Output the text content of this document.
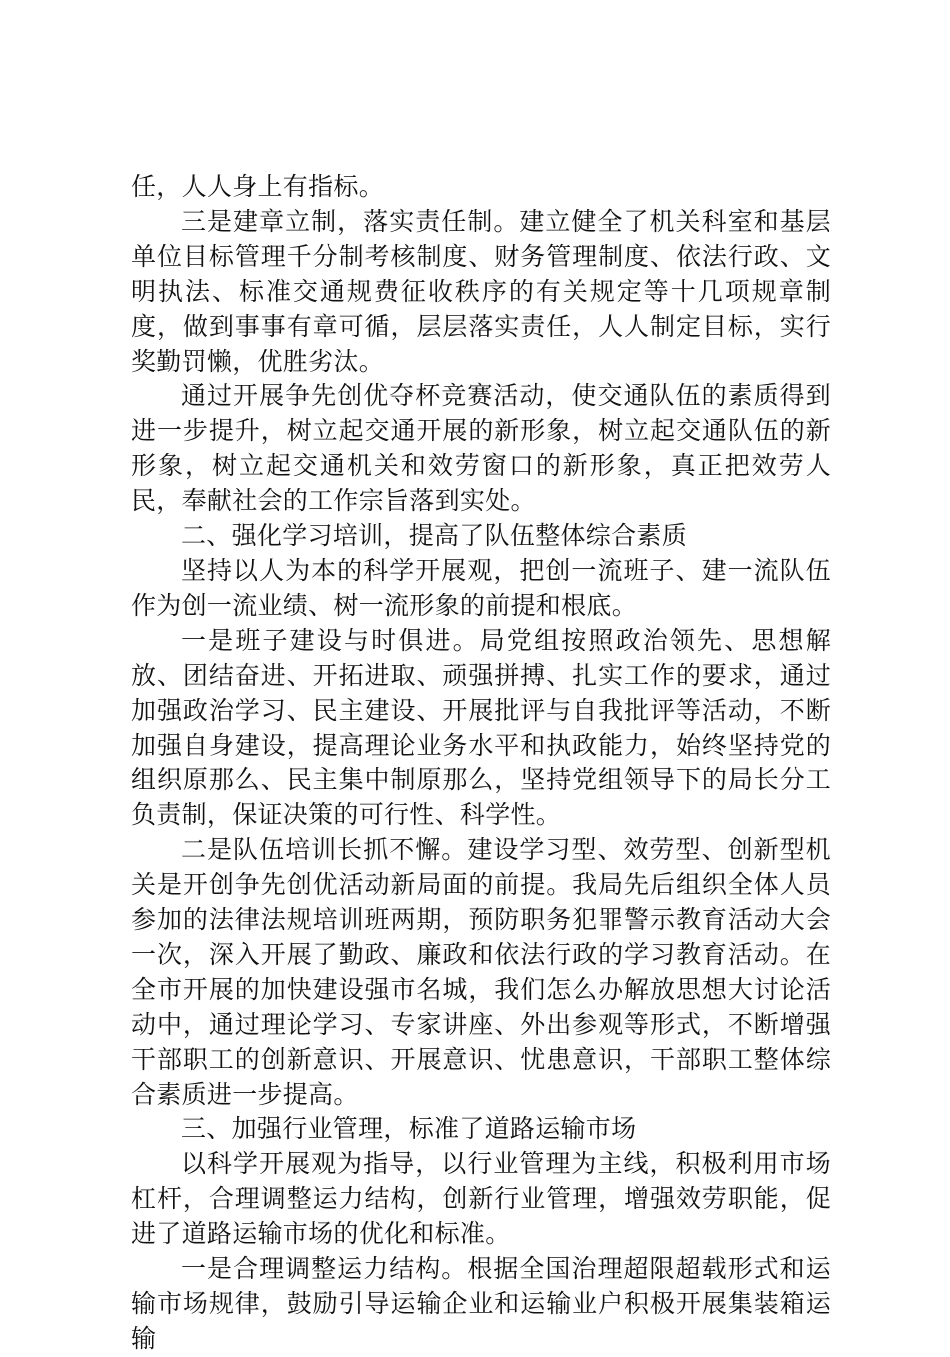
任，人人身上有指标。

三是建章立制，落实责任制。建立健全了机关科室和基层单位目标管理千分制考核制度、财务管理制度、依法行政、文明执法、标准交通规费征收秩序的有关规定等十几项规章制度，做到事事有章可循，层层落实责任，人人制定目标，实行奖勤罚懒，优胜劣汰。

通过开展争先创优夺杯竞赛活动，使交通队伍的素质得到进一步提升，树立起交通开展的新形象，树立起交通队伍的新形象，树立起交通机关和效劳窗口的新形象，真正把效劳人民，奉献社会的工作宗旨落到实处。

二、强化学习培训，提高了队伍整体综合素质

坚持以人为本的科学开展观，把创一流班子、建一流队伍作为创一流业绩、树一流形象的前提和根底。

一是班子建设与时俱进。局党组按照政治领先、思想解放、团结奋进、开拓进取、顽强拼搏、扎实工作的要求，通过加强政治学习、民主建设、开展批评与自我批评等活动，不断加强自身建设，提高理论业务水平和执政能力，始终坚持党的组织原那么、民主集中制原那么，坚持党组领导下的局长分工负责制，保证决策的可行性、科学性。

二是队伍培训长抓不懈。建设学习型、效劳型、创新型机关是开创争先创优活动新局面的前提。我局先后组织全体人员参加的法律法规培训班两期，预防职务犯罪警示教育活动大会一次，深入开展了勤政、廉政和依法行政的学习教育活动。在全市开展的加快建设强市名城，我们怎么办解放思想大讨论活动中，通过理论学习、专家讲座、外出参观等形式，不断增强干部职工的创新意识、开展意识、忧患意识，干部职工整体综合素质进一步提高。

三、加强行业管理，标准了道路运输市场

以科学开展观为指导，以行业管理为主线，积极利用市场杠杆，合理调整运力结构，创新行业管理，增强效劳职能，促进了道路运输市场的优化和标准。

一是合理调整运力结构。根据全国治理超限超载形式和运输市场规律，鼓励引导运输企业和运输业户积极开展集装箱运输
